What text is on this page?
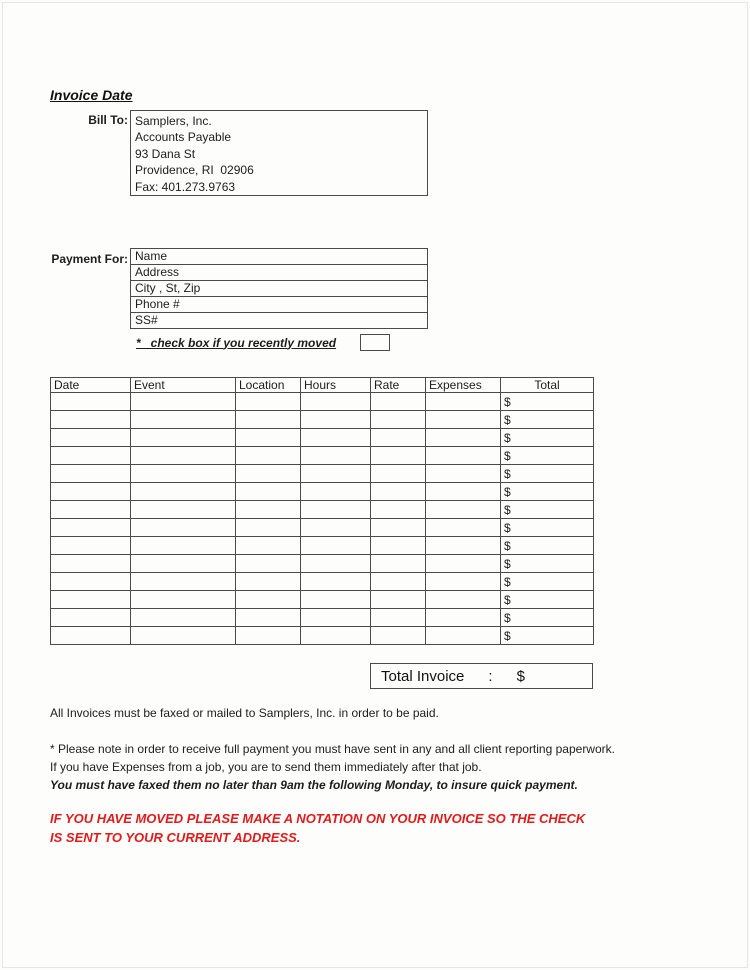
Invoice Date
Bill To: Samplers, Inc.
Accounts Payable
93 Dana St
Providence, RI  02906
Fax: 401.273.9763
Payment For: Name
Address
City , St, Zip
Phone #
SS#
*   check box if you recently moved
Date	Event	Location	Hours	Rate	Expenses	Total
						$
						$
						$
						$
						$
						$
						$
						$
						$
						$
						$
						$
						$
						$
Total Invoice : $
All Invoices must be faxed or mailed to Samplers, Inc. in order to be paid.
* Please note in order to receive full payment you must have sent in any and all client reporting paperwork.
If you have Expenses from a job, you are to send them immediately after that job.
You must have faxed them no later than 9am the following Monday, to insure quick payment.
IF YOU HAVE MOVED PLEASE MAKE A NOTATION ON YOUR INVOICE SO THE CHECK
IS SENT TO YOUR CURRENT ADDRESS.
